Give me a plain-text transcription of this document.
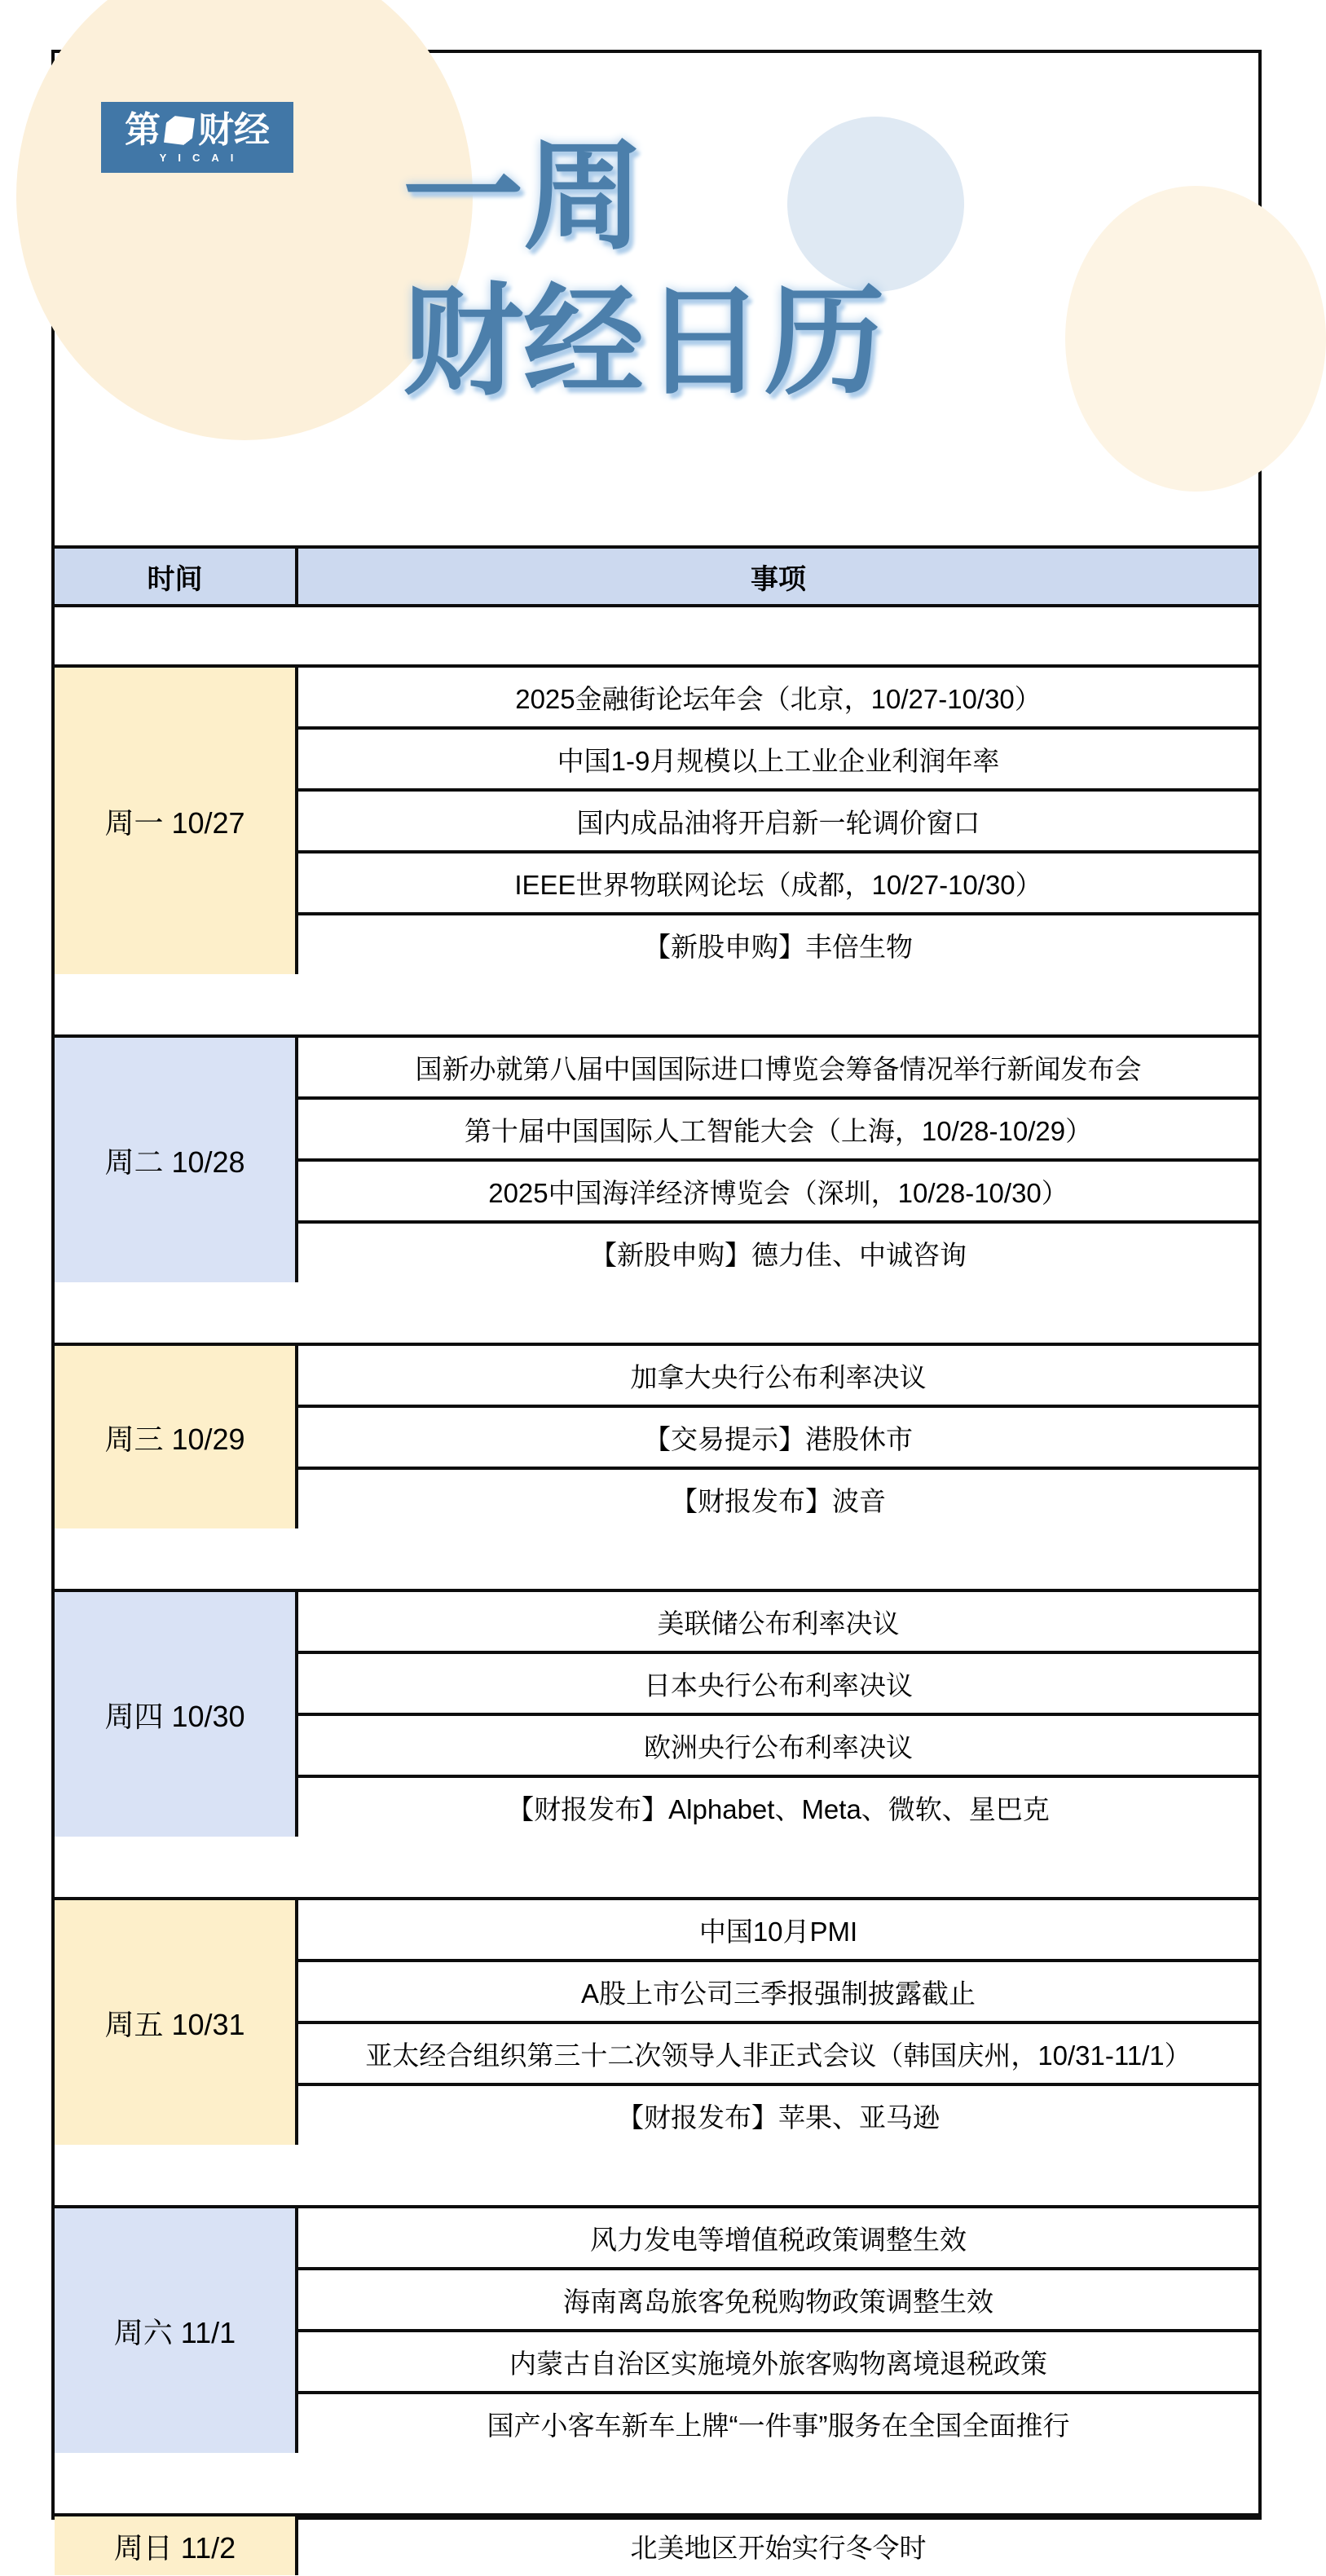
第 财经
YICAI 一周
财经日历
时间	事项
周一 10/27
2025金融街论坛年会（北京，10/27-10/30）
中国1-9月规模以上工业企业利润年率
国内成品油将开启新一轮调价窗口
IEEE世界物联网论坛（成都，10/27-10/30）
【新股申购】丰倍生物
周二 10/28
国新办就第八届中国国际进口博览会筹备情况举行新闻发布会
第十届中国国际人工智能大会（上海，10/28-10/29）
2025中国海洋经济博览会（深圳，10/28-10/30）
【新股申购】德力佳、中诚咨询
周三 10/29
加拿大央行公布利率决议
【交易提示】港股休市
【财报发布】波音
周四 10/30
美联储公布利率决议
日本央行公布利率决议
欧洲央行公布利率决议
【财报发布】Alphabet、Meta、微软、星巴克
周五 10/31
中国10月PMI
A股上市公司三季报强制披露截止
亚太经合组织第三十二次领导人非正式会议（韩国庆州，10/31-11/1）
【财报发布】苹果、亚马逊
周六 11/1
风力发电等增值税政策调整生效
海南离岛旅客免税购物政策调整生效
内蒙古自治区实施境外旅客购物离境退税政策
国产小客车新车上牌“一件事”服务在全国全面推行
周日 11/2	北美地区开始实行冬令时
